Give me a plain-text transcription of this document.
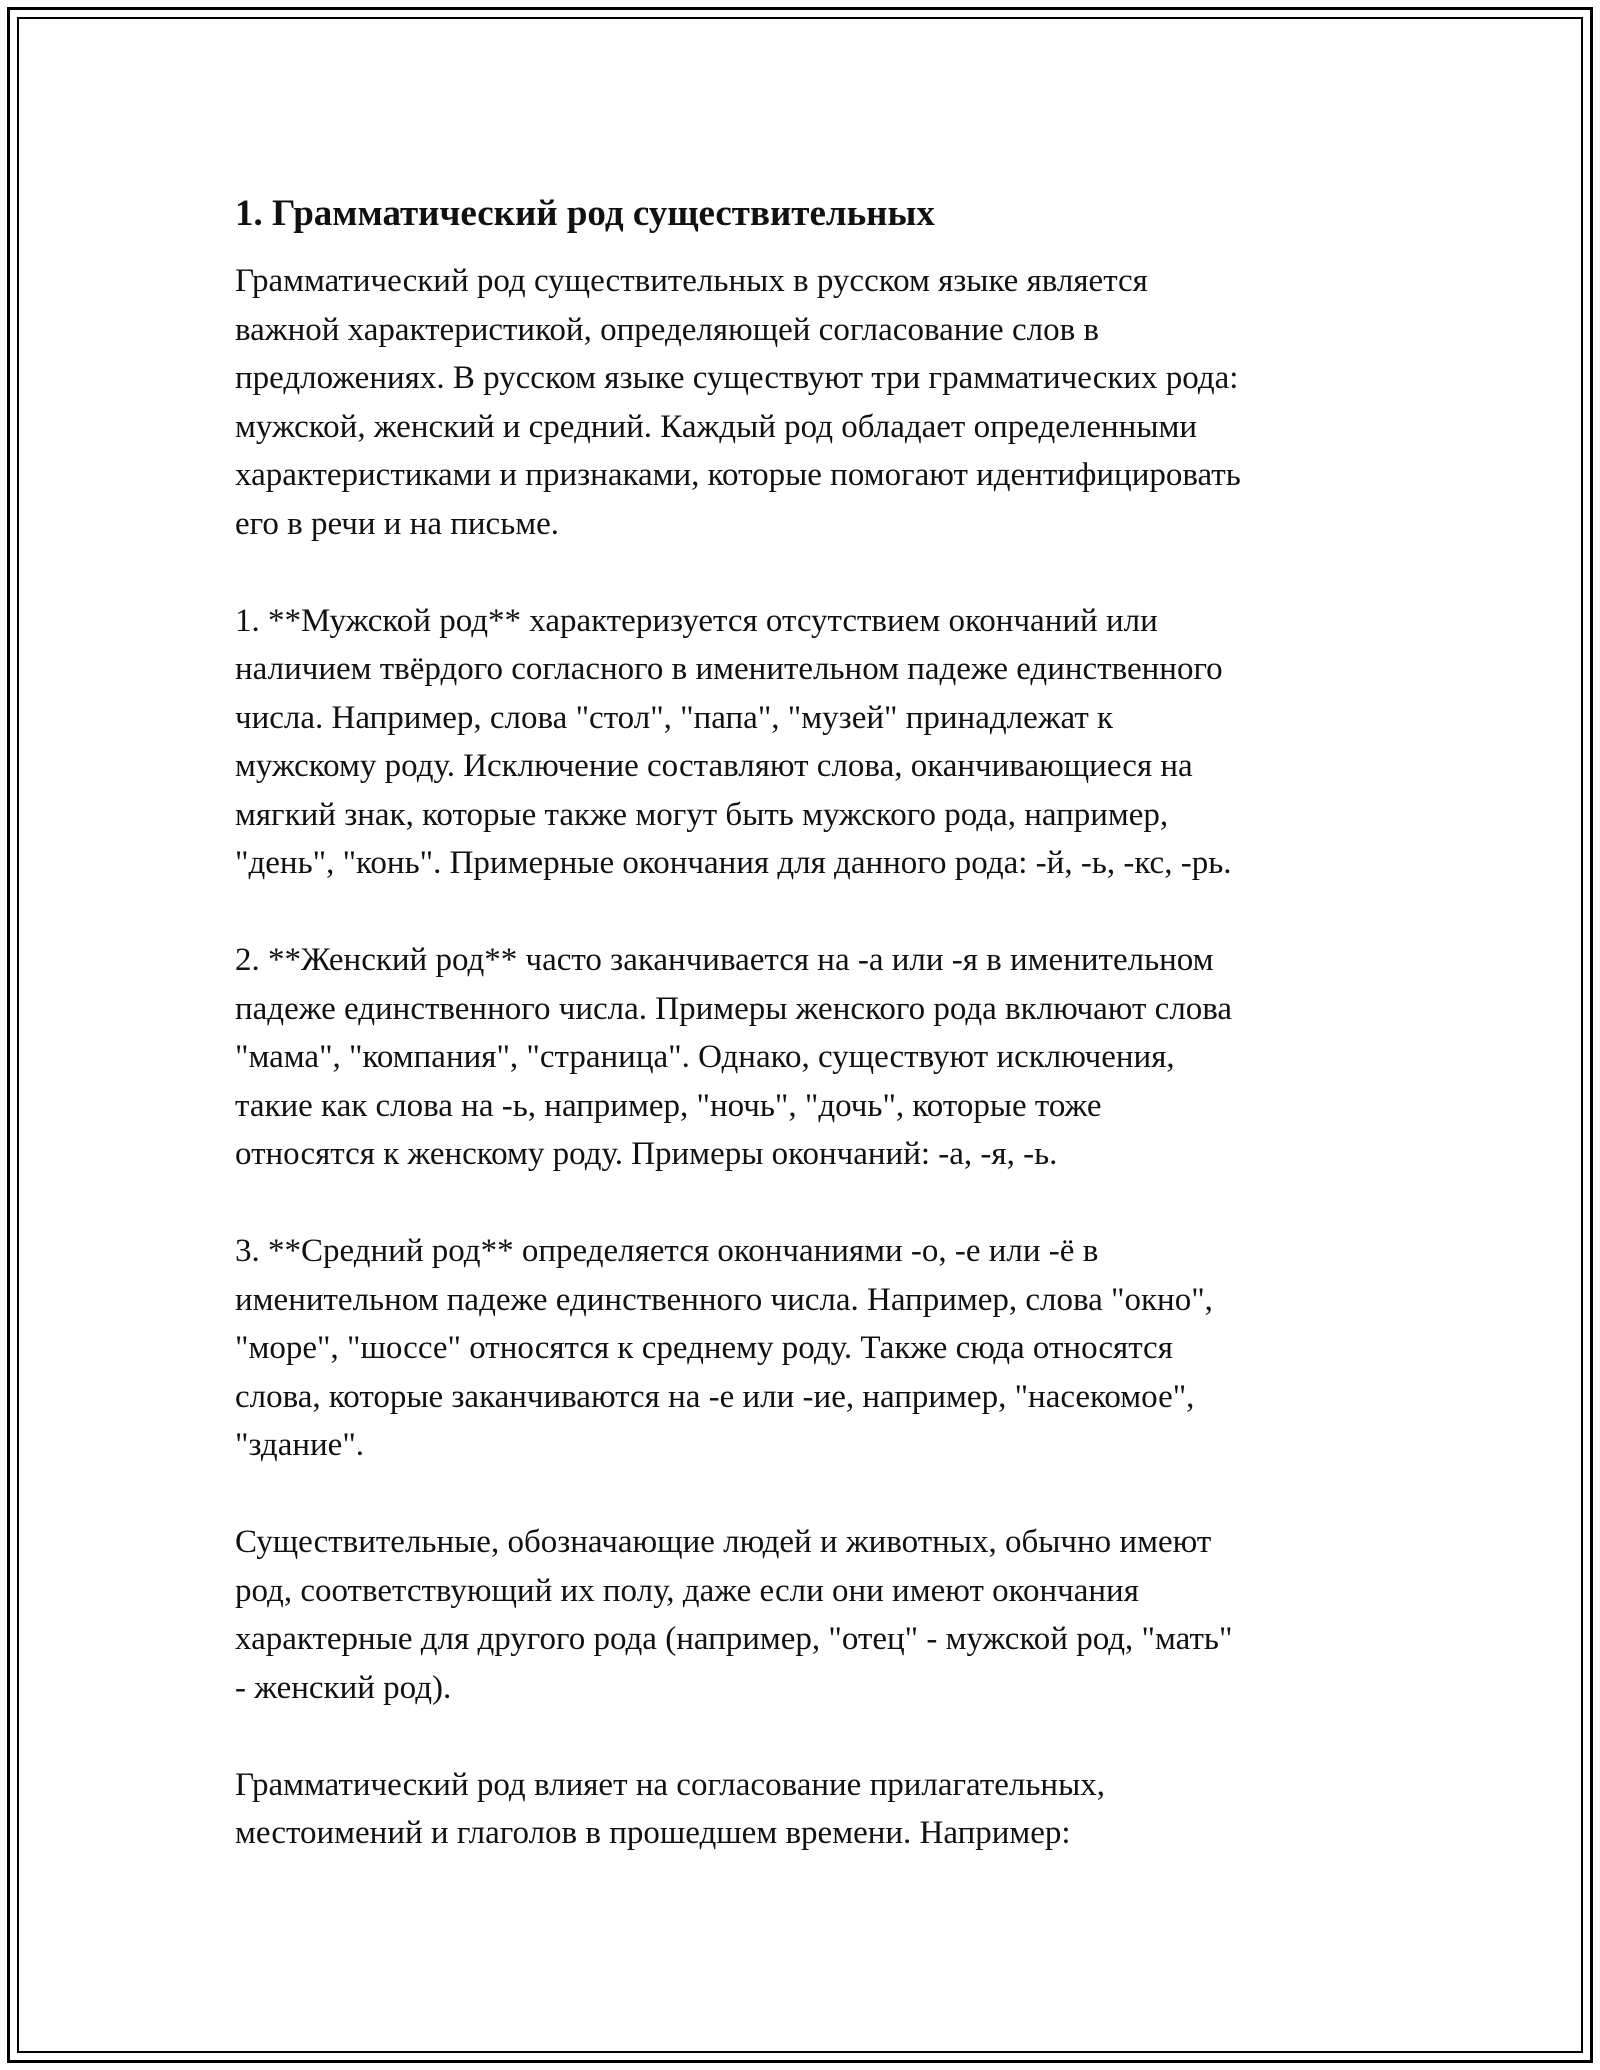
1. Грамматический род существительных

Грамматический род существительных в русском языке является
важной характеристикой, определяющей согласование слов в
предложениях. В русском языке существуют три грамматических рода:
мужской, женский и средний. Каждый род обладает определенными
характеристиками и признаками, которые помогают идентифицировать
его в речи и на письме.

1. **Мужской род** характеризуется отсутствием окончаний или
наличием твёрдого согласного в именительном падеже единственного
числа. Например, слова "стол", "папа", "музей" принадлежат к
мужскому роду. Исключение составляют слова, оканчивающиеся на
мягкий знак, которые также могут быть мужского рода, например,
"день", "конь". Примерные окончания для данного рода: -й, -ь, -кс, -рь.

2. **Женский род** часто заканчивается на -а или -я в именительном
падеже единственного числа. Примеры женского рода включают слова
"мама", "компания", "страница". Однако, существуют исключения,
такие как слова на -ь, например, "ночь", "дочь", которые тоже
относятся к женскому роду. Примеры окончаний: -а, -я, -ь.

3. **Средний род** определяется окончаниями -о, -е или -ё в
именительном падеже единственного числа. Например, слова "окно",
"море", "шоссе" относятся к среднему роду. Также сюда относятся
слова, которые заканчиваются на -е или -ие, например, "насекомое",
"здание".

Существительные, обозначающие людей и животных, обычно имеют
род, соответствующий их полу, даже если они имеют окончания
характерные для другого рода (например, "отец" - мужской род, "мать"
- женский род).

Грамматический род влияет на согласование прилагательных,
местоимений и глаголов в прошедшем времени. Например:
